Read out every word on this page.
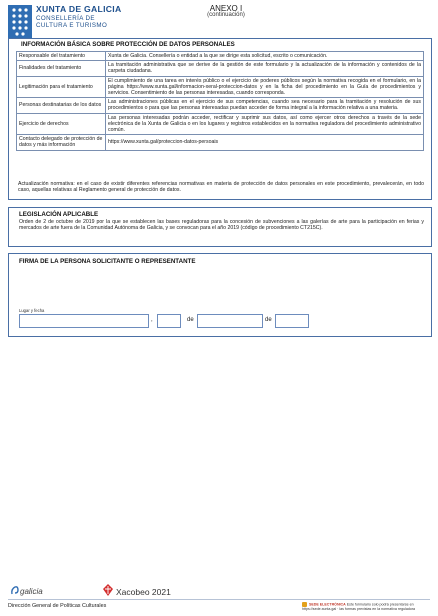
XUNTA DE GALICIA
CONSELLERÍA DE
CULTURA E TURISMO
ANEXO I
(continuación)
INFORMACIÓN BÁSICA SOBRE PROTECCIÓN DE DATOS PERSONALES
Responsable del tratamiento	Xunta de Galicia. Consellería o entidad a la que se dirige esta solicitud, escrito o comunicación.
Finalidades del tratamiento	La tramitación administrativa que se derive de la gestión de este formulario y la actualización de la información y contenidos de la carpeta ciudadana.
Legitimación para el tratamiento	El cumplimiento de una tarea en interés público o el ejercicio de poderes públicos según la normativa recogida en el formulario, en la página https://www.xunta.gal/informacion-xeral-proteccion-datos y en la ficha del procedimiento en la Guía de procedimientos y servicios. Consentimiento de las personas interesadas, cuando corresponda.
Personas destinatarias de los datos	Las administraciones públicas en el ejercicio de sus competencias, cuando sea necesario para la tramitación y resolución de sus procedimientos o para que las personas interesadas puedan acceder de forma integral a la información relativa a una materia.
Ejercicio de derechos	Las personas interesadas podrán acceder, rectificar y suprimir sus datos, así como ejercer otros derechos a través de la sede electrónica de la Xunta de Galicia o en los lugares y registros establecidos en la normativa reguladora del procedimiento administrativo común.
Contacto delegado de protección de datos y más información	https://www.xunta.gal/proteccion-datos-persoais
Actualización normativa: en el caso de existir diferentes referencias normativas en materia de protección de datos personales en este procedimiento, prevalecerán, en todo caso, aquellas relativas al Reglamento general de protección de datos.
LEGISLACIÓN APLICABLE
Orden de 2 de octubre de 2019 por la que se establecen las bases reguladoras para la concesión de subvenciones a las galerías de arte para la participación en ferias y mercados de arte fuera de la Comunidad Autónoma de Galicia, y se convocan para el año 2019 (código de procedimiento CT215C).
FIRMA DE LA PERSONA SOLICITANTE O REPRESENTANTE
Lugar y fecha
,	de	de
galicia	Xacobeo 2021
Dirección General de Políticas Culturales	SEDE ELECTRÓNICA Este formulario solo podrá presentarse en https://sede.xunta.gal · las formas previstas en la normativa reguladora
